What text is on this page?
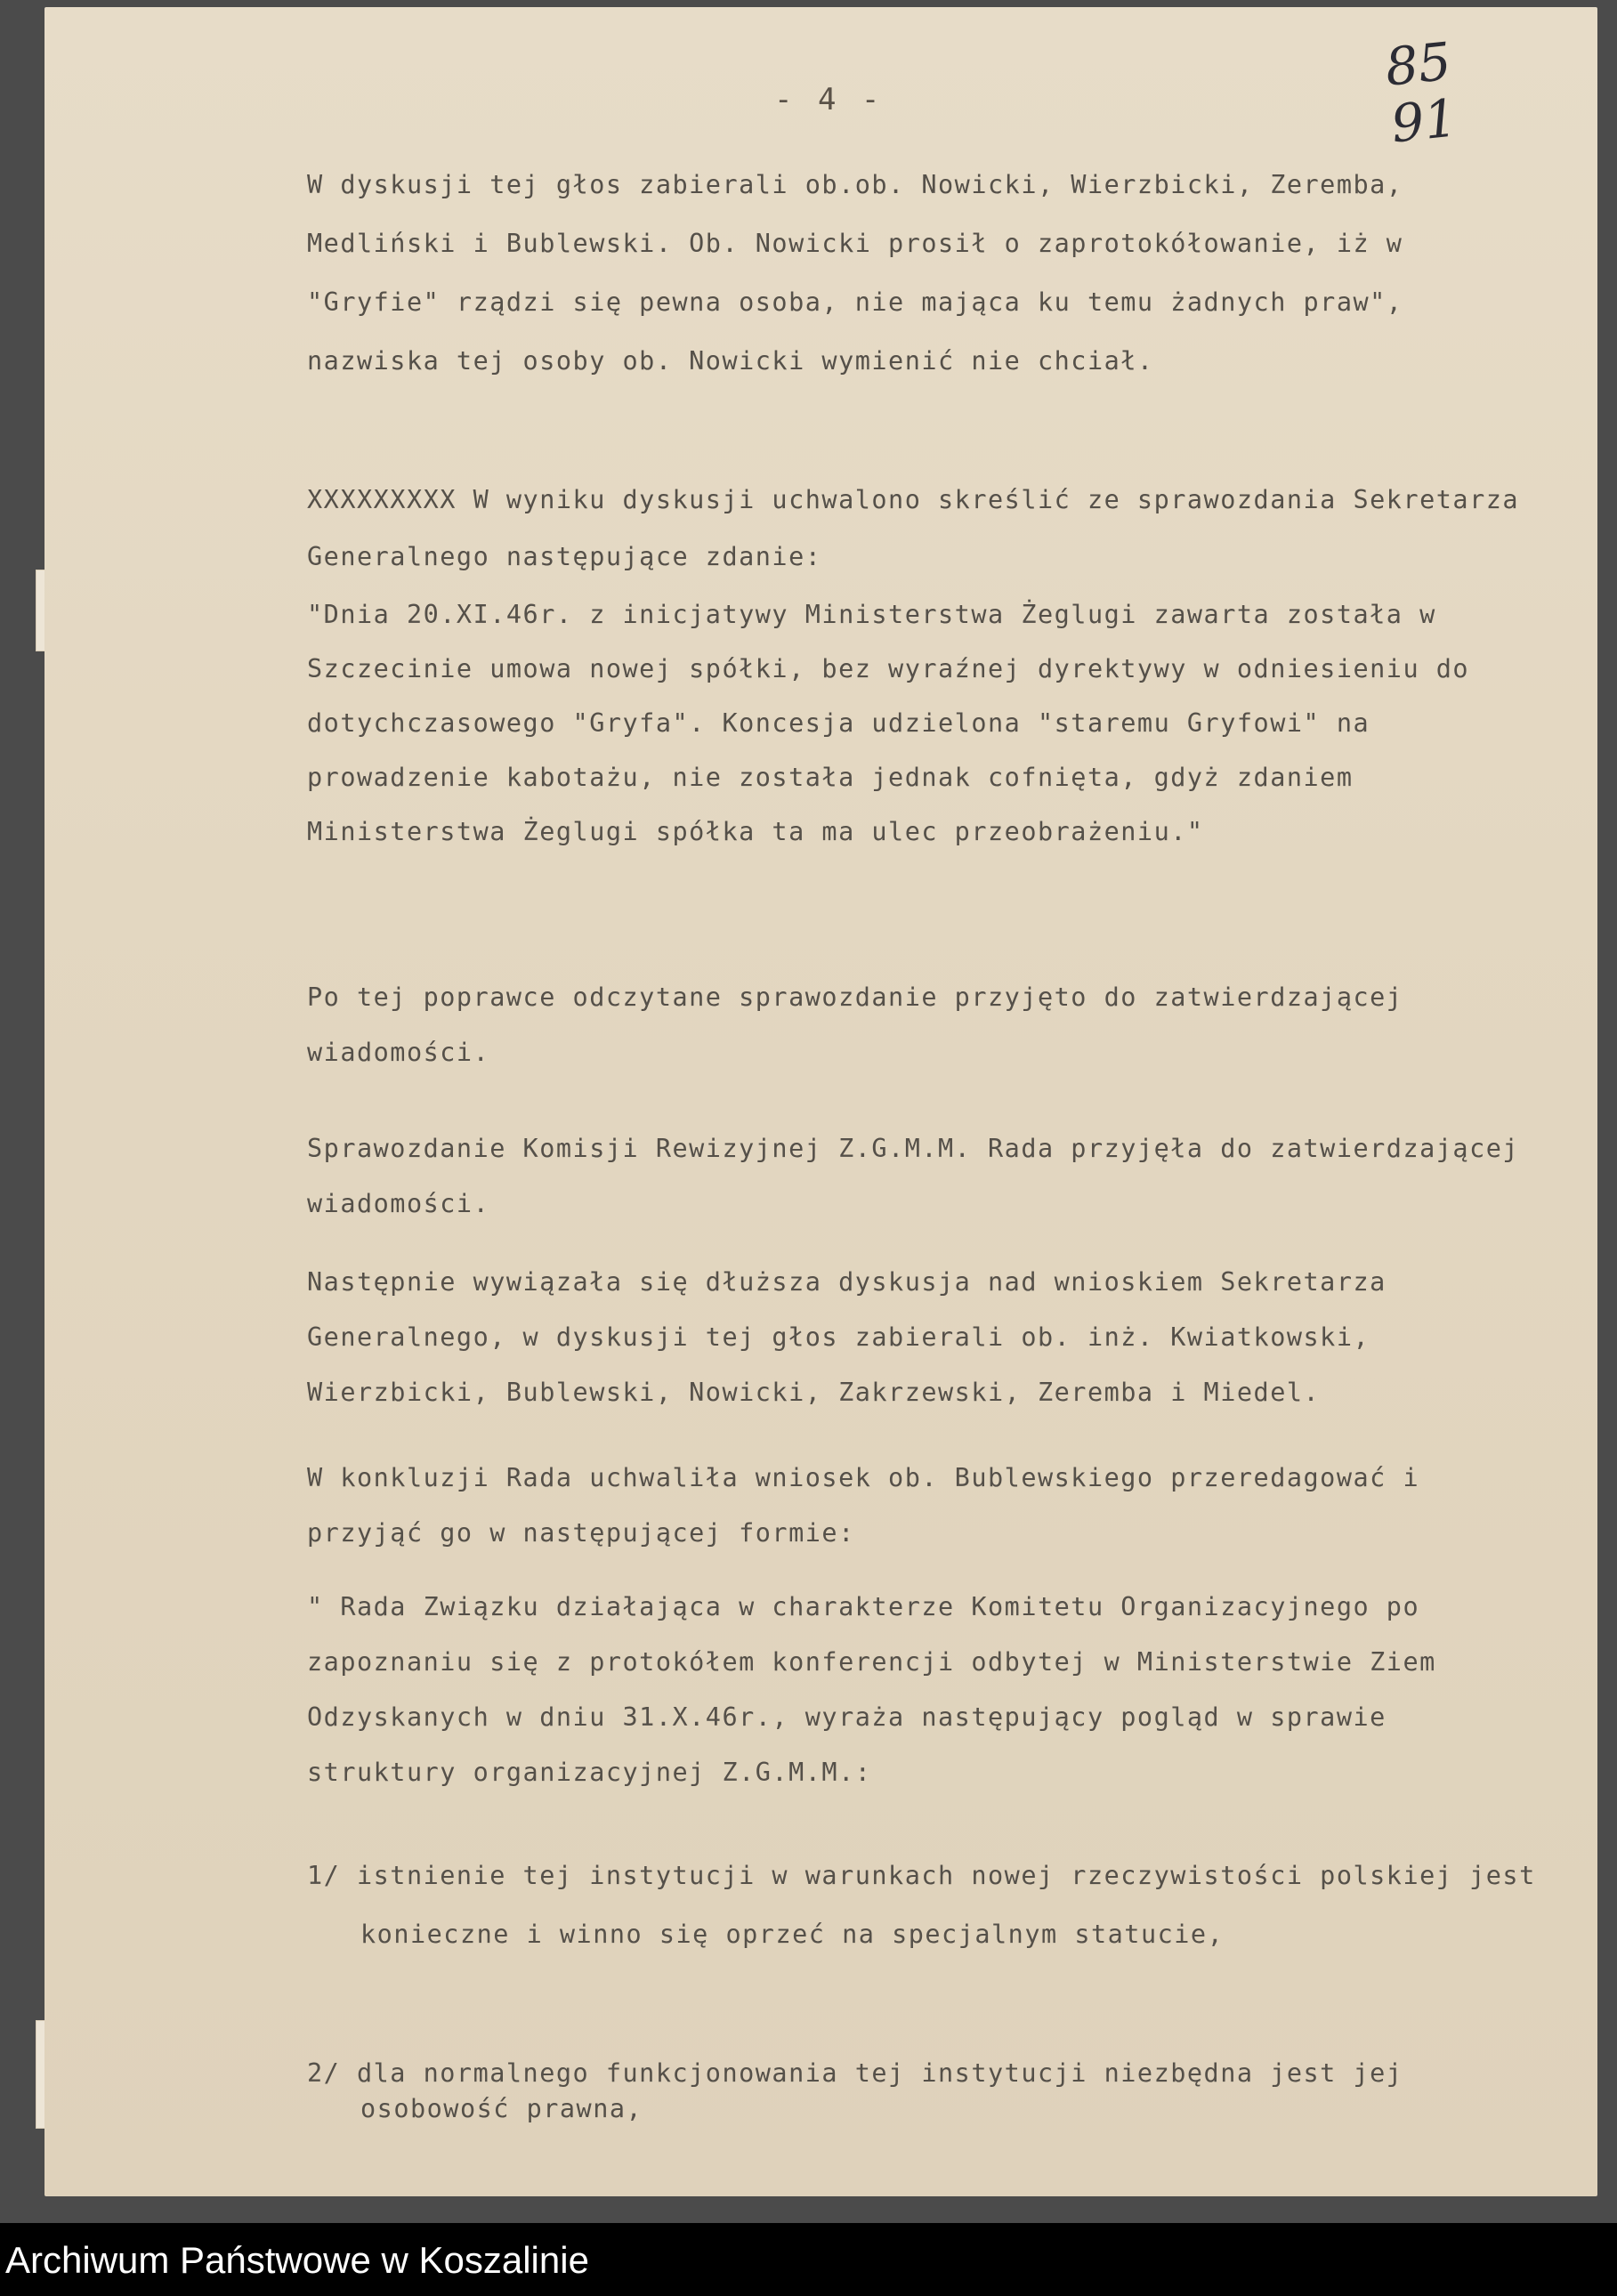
- 4 -
85
91
W dyskusji tej głos zabierali ob.ob. Nowicki, Wierzbicki, Zeremba, Medliński i Bublewski. Ob. Nowicki prosił o zaprotokółowanie, iż w "Gryfie" rządzi się pewna osoba, nie mająca ku temu żadnych praw", nazwiska tej osoby ob. Nowicki wymienić nie chciał.
XXXXXXXXX W wyniku dyskusji uchwalono skreślić ze sprawozdania Sekretarza Generalnego następujące zdanie:
"Dnia 20.XI.46r. z inicjatywy Ministerstwa Żeglugi zawarta została w Szczecinie umowa nowej spółki, bez wyraźnej dyrektywy w odniesieniu do dotychczasowego "Gryfa". Koncesja udzielona "staremu Gryfowi" na prowadzenie kabotażu, nie została jednak cofnięta, gdyż zdaniem Ministerstwa Żeglugi spółka ta ma ulec przeobrażeniu."
Po tej poprawce odczytane sprawozdanie przyjęto do zatwierdzającej wiadomości.
Sprawozdanie Komisji Rewizyjnej Z.G.M.M. Rada przyjęła do zatwierdzającej wiadomości.
Następnie wywiązała się dłuższa dyskusja nad wnioskiem Sekretarza Generalnego, w dyskusji tej głos zabierali ob. inż. Kwiatkowski, Wierzbicki, Bublewski, Nowicki, Zakrzewski, Zeremba i Miedel.
W konkluzji Rada uchwaliła wniosek ob. Bublewskiego przeredagować i przyjąć go w następującej formie:
" Rada Związku działająca w charakterze Komitetu Organizacyjnego po zapoznaniu się z protokółem konferencji odbytej w Ministerstwie Ziem Odzyskanych w dniu 31.X.46r., wyraża następujący pogląd w sprawie struktury organizacyjnej Z.G.M.M.:
1/ istnienie tej instytucji w warunkach nowej rzeczywistości polskiej jest konieczne i winno się oprzeć na specjalnym statucie,
2/ dla normalnego funkcjonowania tej instytucji niezbędna jest jej osobowość prawna,
Archiwum Państwowe w Koszalinie
